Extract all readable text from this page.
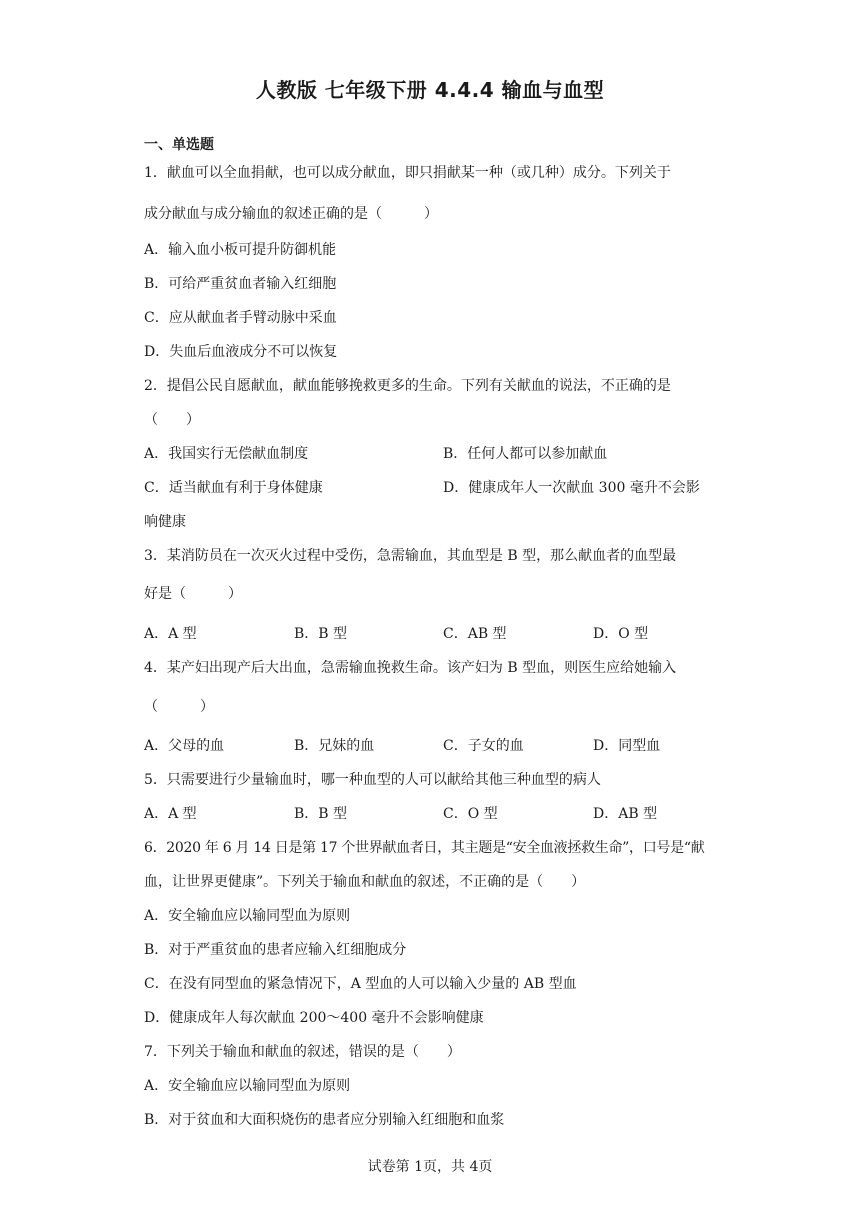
人教版 七年级下册 4.4.4 输血与血型
一、单选题
1．献血可以全血捐献，也可以成分献血，即只捐献某一种（或几种）成分。下列关于
成分献血与成分输血的叙述正确的是（　　　）
A．输入血小板可提升防御机能
B．可给严重贫血者输入红细胞
C．应从献血者手臂动脉中采血
D．失血后血液成分不可以恢复
2．提倡公民自愿献血，献血能够挽救更多的生命。下列有关献血的说法，不正确的是
（　　）
A．我国实行无偿献血制度	B．任何人都可以参加献血
C．适当献血有利于身体健康	D．健康成年人一次献血 300 毫升不会影
响健康
3．某消防员在一次灭火过程中受伤，急需输血，其血型是 B 型，那么献血者的血型最
好是（　　　）
A．A 型	B．B 型	C．AB 型	D．O 型
4．某产妇出现产后大出血，急需输血挽救生命。该产妇为 B 型血，则医生应给她输入
（　　　）
A．父母的血	B．兄妹的血	C．子女的血	D．同型血
5．只需要进行少量输血时，哪一种血型的人可以献给其他三种血型的病人
A．A 型	B．B 型	C．O 型	D．AB 型
6．2020 年 6 月 14 日是第 17 个世界献血者日，其主题是“安全血液拯救生命”，口号是“献
血，让世界更健康”。下列关于输血和献血的叙述，不正确的是（　　）
A．安全输血应以输同型血为原则
B．对于严重贫血的患者应输入红细胞成分
C．在没有同型血的紧急情况下，A 型血的人可以输入少量的 AB 型血
D．健康成年人每次献血 200～400 毫升不会影响健康
7．下列关于输血和献血的叙述，错误的是（　　）
A．安全输血应以输同型血为原则
B．对于贫血和大面积烧伤的患者应分别输入红细胞和血浆
试卷第 1页，共 4页
